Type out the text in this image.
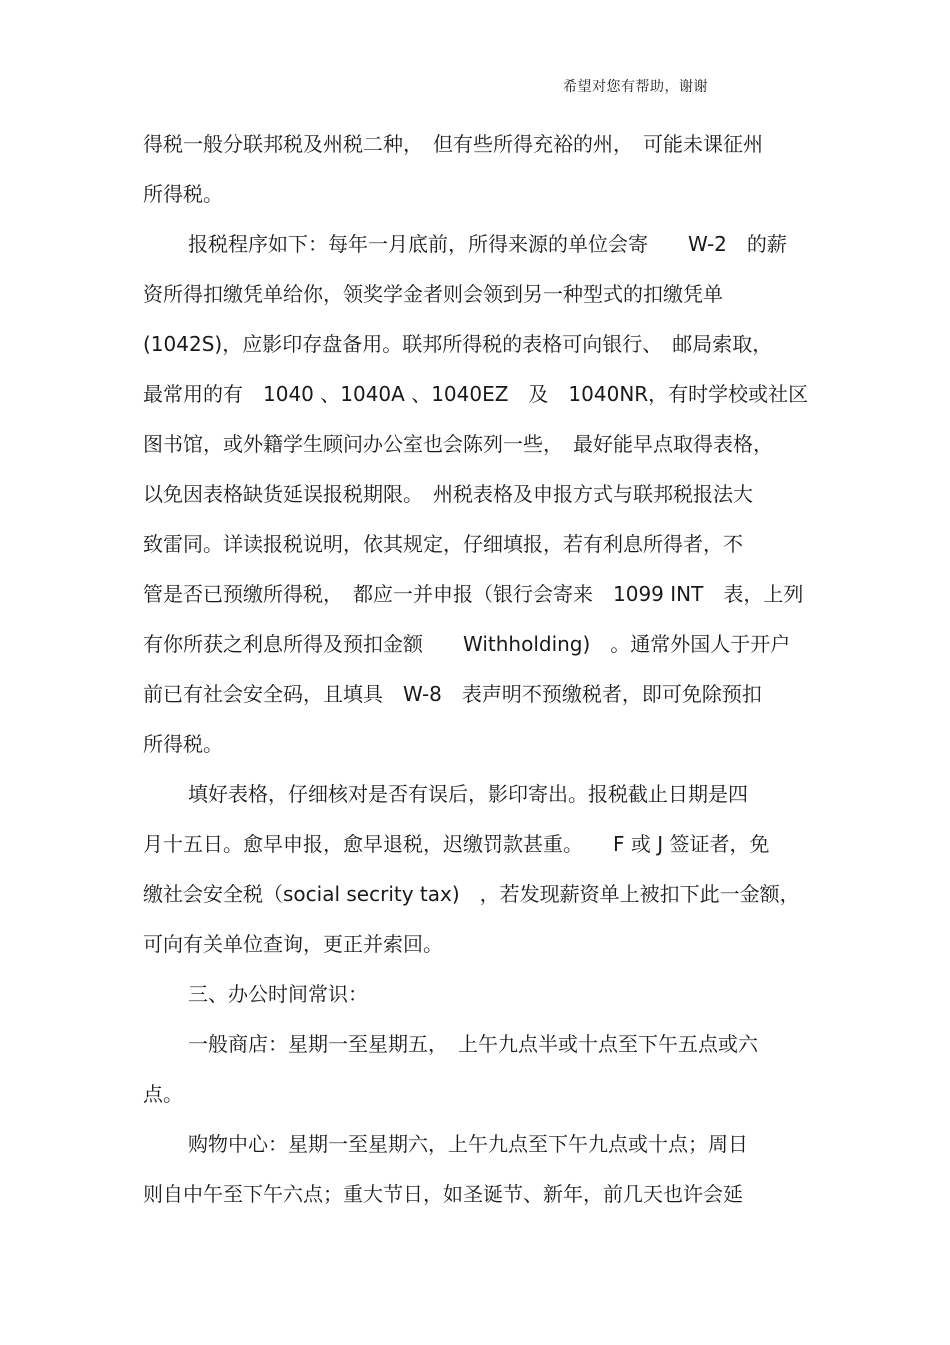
希望对您有帮助，谢谢
得税一般分联邦税及州税二种，　但有些所得充裕的州，　可能未课征州
所得税。
报税程序如下：每年一月底前，所得来源的单位会寄　　W-2　的薪
资所得扣缴凭单给你，领奖学金者则会领到另一种型式的扣缴凭单
(1042S)，应影印存盘备用。联邦所得税的表格可向银行、　邮局索取，
最常用的有　1040 、1040A 、1040EZ　及　1040NR，有时学校或社区
图书馆，或外籍学生顾问办公室也会陈列一些，　最好能早点取得表格，
以免因表格缺货延误报税期限。　州税表格及申报方式与联邦税报法大
致雷同。详读报税说明，依其规定，仔细填报，若有利息所得者，不
管是否已预缴所得税，　都应一并申报（银行会寄来　1099 INT　表，上列
有你所获之利息所得及预扣金额　　Withholding)　。通常外国人于开户
前已有社会安全码，且填具　W-8　表声明不预缴税者，即可免除预扣
所得税。
填好表格，仔细核对是否有误后，影印寄出。报税截止日期是四
月十五日。愈早申报，愈早退税，迟缴罚款甚重。　　F 或 J 签证者，免
缴社会安全税（social secrity tax)　，若发现薪资单上被扣下此一金额，
可向有关单位查询，更正并索回。
三、办公时间常识：
一般商店：星期一至星期五，　上午九点半或十点至下午五点或六
点。
购物中心：星期一至星期六，上午九点至下午九点或十点；周日
则自中午至下午六点；重大节日，如圣诞节、新年，前几天也许会延
